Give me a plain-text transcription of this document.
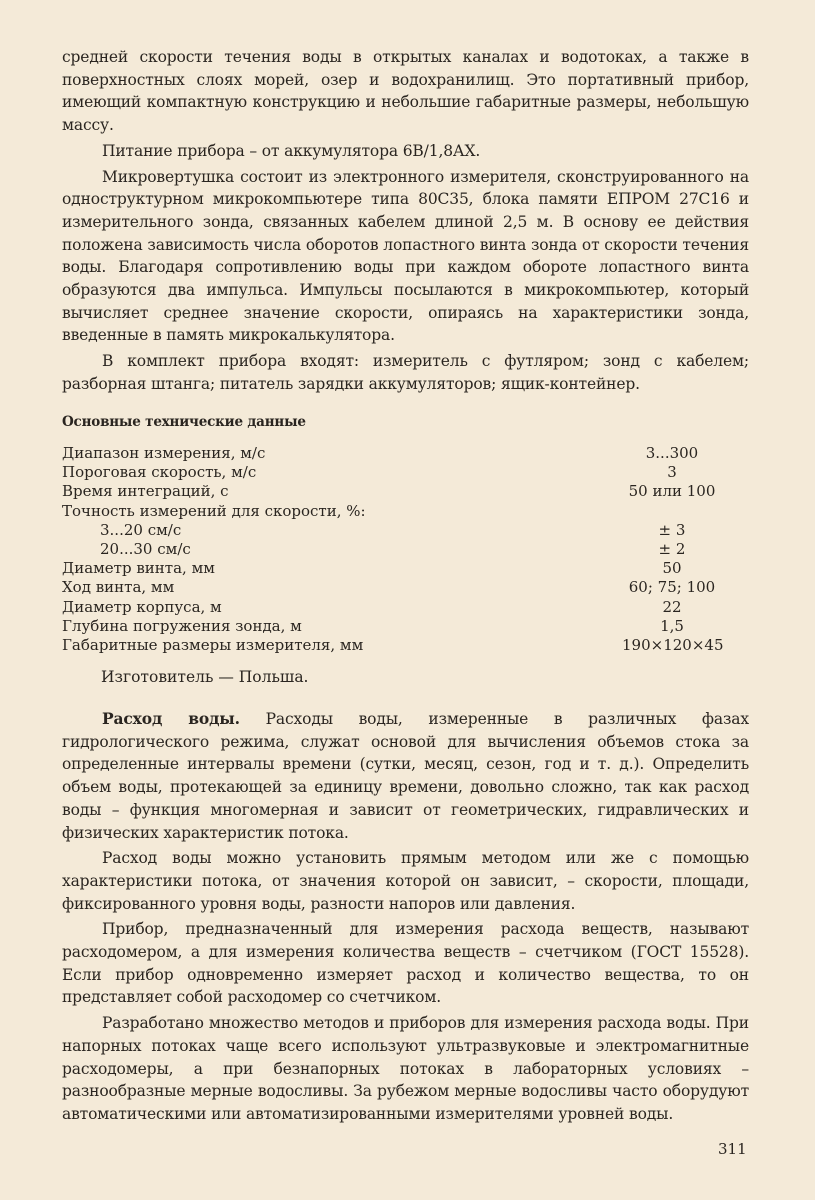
средней скорости течения воды в открытых каналах и водотоках, а также в поверхностных слоях морей, озер и водохранилищ. Это портативный прибор, имеющий компактную конструкцию и небольшие габаритные размеры, небольшую массу.

Питание прибора – от аккумулятора 6В/1,8АХ.

Микровертушка состоит из электронного измерителя, сконструированного на одноструктурном микрокомпьютере типа 80С35, блока памяти ЕПРОМ 27С16 и измерительного зонда, связанных кабелем длиной 2,5 м. В основу ее действия положена зависимость числа оборотов лопастного винта зонда от скорости течения воды. Благодаря сопротивлению воды при каждом обороте лопастного винта образуются два импульса. Импульсы посылаются в микрокомпьютер, который вычисляет среднее значение скорости, опираясь на характеристики зонда, введенные в память микрокалькулятора.

В комплект прибора входят: измеритель с футляром; зонд с кабелем; разборная штанга; питатель зарядки аккумуляторов; ящик-контейнер.

Основные технические данные
Диапазон измерения, м/с	3...300
Пороговая скорость, м/с	3
Время интеграций, с	50 или 100
Точность измерений для скорости, %:
3...20 см/с	± 3
20...30 см/с	± 2
Диаметр винта, мм	50
Ход винта, мм	60; 75; 100
Диаметр корпуса, м	22
Глубина погружения зонда, м	1,5
Габаритные размеры измерителя, мм	190×120×45
Изготовитель — Польша.

Расход воды. Расходы воды, измеренные в различных фазах гидрологического режима, служат основой для вычисления объемов стока за определенные интервалы времени (сутки, месяц, сезон, год и т. д.). Определить объем воды, протекающей за единицу времени, довольно сложно, так как расход воды – функция многомерная и зависит от геометрических, гидравлических и физических характеристик потока.

Расход воды можно установить прямым методом или же с помощью характеристики потока, от значения которой он зависит, – скорости, площади, фиксированного уровня воды, разности напоров или давления.

Прибор, предназначенный для измерения расхода веществ, называют расходомером, а для измерения количества веществ – счетчиком (ГОСТ 15528). Если прибор одновременно измеряет расход и количество вещества, то он представляет собой расходомер со счетчиком.

Разработано множество методов и приборов для измерения расхода воды. При напорных потоках чаще всего используют ультразвуковые и электромагнитные расходомеры, а при безнапорных потоках в лабораторных условиях – разнообразные мерные водосливы. За рубежом мерные водосливы часто оборудуют автоматическими или автоматизированными измерителями уровней воды.

311
